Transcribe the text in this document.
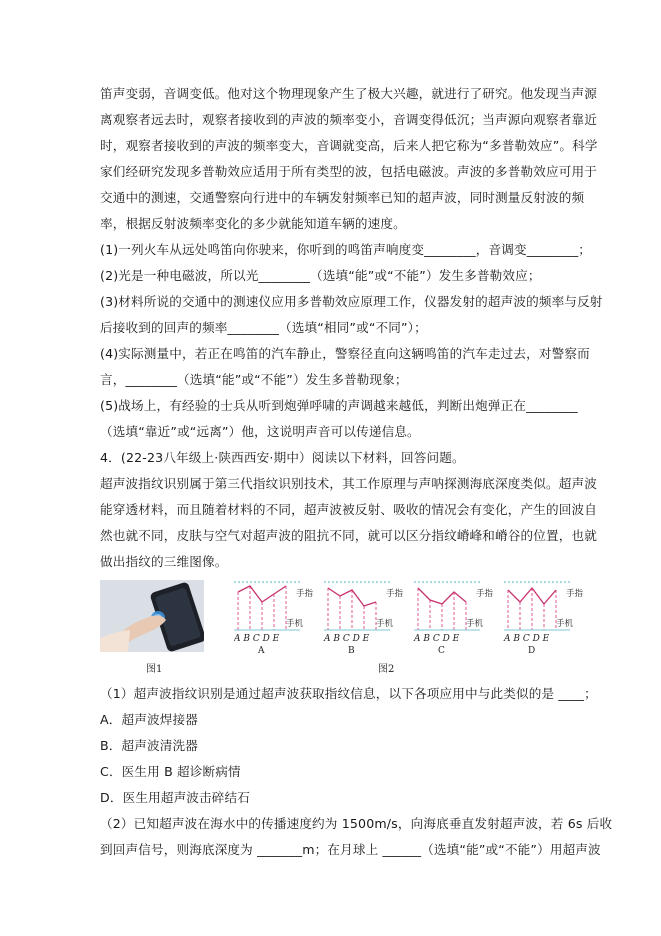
笛声变弱，音调变低。他对这个物理现象产生了极大兴趣，就进行了研究。他发现当声源
离观察者远去时，观察者接收到的声波的频率变小，音调变得低沉；当声源向观察者靠近
时，观察者接收到的声波的频率变大，音调就变高，后来人把它称为“多普勒效应”。科学
家们经研究发现多普勒效应适用于所有类型的波，包括电磁波。声波的多普勒效应可用于
交通中的测速，交通警察向行进中的车辆发射频率已知的超声波，同时测量反射波的频
率，根据反射波频率变化的多少就能知道车辆的速度。
(1)一列火车从远处鸣笛向你驶来，你听到的鸣笛声响度变________，音调变________；
(2)光是一种电磁波，所以光________（选填“能”或“不能”）发生多普勒效应；
(3)材料所说的交通中的测速仪应用多普勒效应原理工作，仪器发射的超声波的频率与反射
后接收到的回声的频率________（选填“相同”或“不同”）；
(4)实际测量中，若正在鸣笛的汽车静止，警察径直向这辆鸣笛的汽车走过去，对警察而
言，________（选填“能”或“不能”）发生多普勒现象；
(5)战场上，有经验的士兵从听到炮弹呼啸的声调越来越低，判断出炮弹正在________
（选填“靠近”或“远离”）他，这说明声音可以传递信息。
4．(22-23八年级上·陕西西安·期中）阅读以下材料，回答问题。
超声波指纹识别属于第三代指纹识别技术，其工作原理与声呐探测海底深度类似。超声波
能穿透材料，而且随着材料的不同，超声波被反射、吸收的情况会有变化，产生的回波自
然也就不同，皮肤与空气对超声波的阻抗不同，就可以区分指纹嵴峰和嵴谷的位置，也就
做出指纹的三维图像。
图1
手指
手机
A B C D E
A
手指
手机
A B C D E
B
手指
手机
A B C D E
C
手指
手机
A B C D E
D
图2
（1）超声波指纹识别是通过超声波获取指纹信息，以下各项应用中与此类似的是 ____；
A．超声波焊接器
B．超声波清洗器
C．医生用 B 超诊断病情
D．医生用超声波击碎结石
（2）已知超声波在海水中的传播速度约为 1500m/s，向海底垂直发射超声波，若 6s 后收
到回声信号，则海底深度为 _______m；在月球上 ______（选填“能”或“不能”）用超声波
